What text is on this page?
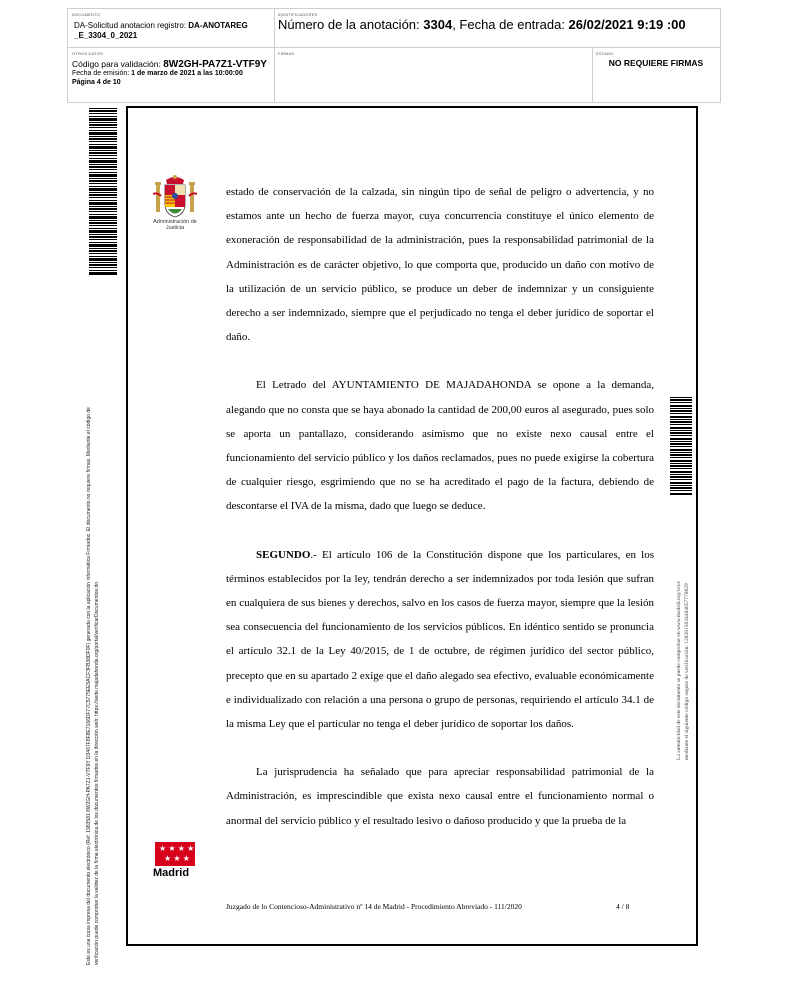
DOCUMENTO
DA-Solicitud anotacion registro: DA-ANOTAREG _E_3304_0_2021
IDENTIFICADORES
Número de la anotación: 3304, Fecha de entrada: 26/02/2021 9:19 :00
OTROS DATOS
Código para validación: 8W2GH-PA7Z1-VTF9Y
Fecha de emisión: 1 de marzo de 2021 a las 10:00:00
Página 4 de 10
FIRMAS	ESTADO
NO REQUIERE FIRMAS
Este es una copia impresa del documento electrónico (Ref: 1983581 8W2GH-PA7Z1-VTF9Y D3467F8F8E7166DF77C5775EE5ACF3FB38DF0F) generada con la aplicación informática Firmadoc. El documento no requiere firmas. Mediante el código de verificación puede comprobar la validez de la firma electrónica de los documentos firmados en la dirección web: https://sede.majadahonda.org/portal/verificarDocumentos.do	La autenticidad de este documento se puede comprobar en www.madrid.org/cove mediante el siguiente código seguro de verificación: 1283815634484657778629
Administración de Justicia
★ ★ ★ ★
★ ★ ★
Madrid

estado de conservación de la calzada, sin ningún tipo de señal de peligro o advertencia, y no estamos ante un hecho de fuerza mayor, cuya concurrencia constituye el único elemento de exoneración de responsabilidad de la administración, pues la responsabilidad patrimonial de la Administración es de carácter objetivo, lo que comporta que, producido un daño con motivo de la utilización de un servicio público, se produce un deber de indemnizar y un consiguiente derecho a ser indemnizado, siempre que el perjudicado no tenga el deber jurídico de soportar el daño.

El Letrado del AYUNTAMIENTO DE MAJADAHONDA se opone a la demanda, alegando que no consta que se haya abonado la cantidad de 200,00 euros al asegurado, pues solo se aporta un pantallazo, considerando asimismo que no existe nexo causal entre el funcionamiento del servicio público y los daños reclamados, pues no puede exigirse la cobertura de cualquier riesgo, esgrimiendo que no se ha acreditado el pago de la factura, debiendo de descontarse el IVA de la misma, dado que luego se deduce.

SEGUNDO.- El artículo 106 de la Constitución dispone que los particulares, en los términos establecidos por la ley, tendrán derecho a ser indemnizados por toda lesión que sufran en cualquiera de sus bienes y derechos, salvo en los casos de fuerza mayor, siempre que la lesión sea consecuencia del funcionamiento de los servicios públicos. En idéntico sentido se pronuncia el artículo 32.1 de la Ley 40/2015, de 1 de octubre, de régimen jurídico del sector público, precepto que en su apartado 2 exige que el daño alegado sea efectivo, evaluable económicamente e individualizado con relación a una persona o grupo de personas, requiriendo el artículo 34.1 de la misma Ley que el particular no tenga el deber jurídico de soportar los daños.

La jurisprudencia ha señalado que para apreciar responsabilidad patrimonial de la Administración, es imprescindible que exista nexo causal entre el funcionamiento normal o anormal del servicio público y el resultado lesivo o dañoso producido y que la prueba de la

Juzgado de lo Contencioso-Administrativo nº 14 de Madrid - Procedimiento Abreviado - 111/2020	4 / 8
